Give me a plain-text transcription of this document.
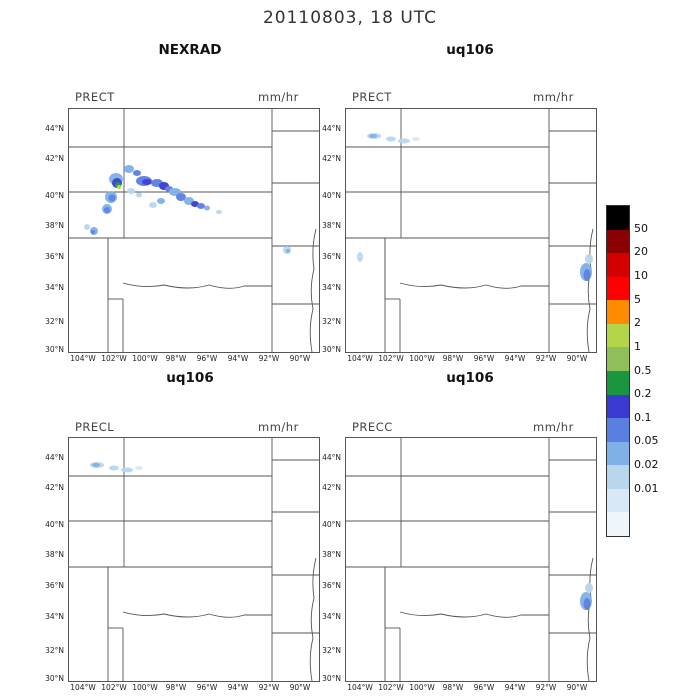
20110803, 18 UTC
NEXRAD	uq106
uq106	uq106
PRECT	mm/hr
44°N
42°N
40°N
38°N
36°N
34°N
32°N
30°N
104°W 102°W 100°W	98°W	96°W	94°W	92°W	90°W
PRECT	mm/hr
44°N
42°N
40°N
38°N
36°N
34°N
32°N
30°N
104°W 102°W 100°W	98°W	96°W	94°W	92°W	90°W
PRECL	mm/hr
44°N
42°N
40°N
38°N
36°N
34°N
32°N
30°N
104°W 102°W 100°W	98°W	96°W	94°W	92°W	90°W
PRECC	mm/hr
44°N
42°N
40°N
38°N
36°N
34°N
32°N
30°N
104°W 102°W 100°W	98°W	96°W	94°W	92°W	90°W
50
20
10
5
2
1
0.5
0.2
0.1
0.05
0.02
0.01
